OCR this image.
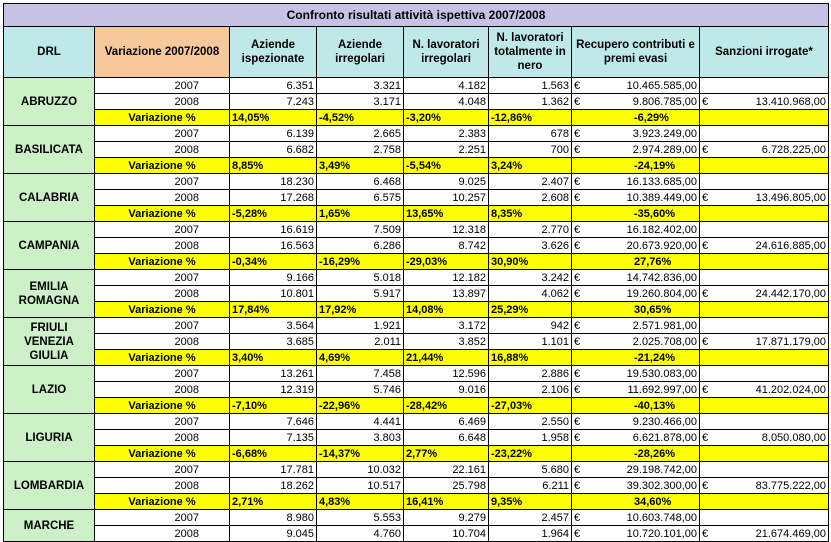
Confronto risultati attività ispettiva 2007/2008							
DRL	Variazione 2007/2008	Aziende ispezionate	Aziende irregolari	N. lavoratori irregolari	N. lavoratori totalmente in nero	Recupero contributi e premi evasi	Sanzioni irrogate*
ABRUZZO	2007	6.351	3.321	4.182	1.563	€ 10.465.585,00	

	2008	7.243	3.171	4.048	1.362	€ 9.806.785,00	€ 13.410.968,00

	Variazione %	14,05%	-4,52%	-3,20%	-12,86%	-6,29%	
BASILICATA	2007	6.139	2.665	2.383	678	€ 3.923.249,00	

	2008	6.682	2.758	2.251	700	€ 2.974.289,00	€ 6.728.225,00

	Variazione %	8,85%	3,49%	-5,54%	3,24%	-24,19%	
CALABRIA	2007	18.230	6.468	9.025	2.407	€ 16.133.685,00	

	2008	17.268	6.575	10.257	2.608	€ 10.389.449,00	€ 13.496.805,00

	Variazione %	-5,28%	1,65%	13,65%	8,35%	-35,60%	
CAMPANIA	2007	16.619	7.509	12.318	2.770	€ 16.182.402,00	

	2008	16.563	6.286	8.742	3.626	€ 20.673.920,00	€ 24.616.885,00

	Variazione %	-0,34%	-16,29%	-29,03%	30,90%	27,76%	
EMILIA ROMAGNA	2007	9.166	5.018	12.182	3.242	€ 14.742.836,00	

	2008	10.801	5.917	13.897	4.062	€ 19.260.804,00	€ 24.442.170,00

	Variazione %	17,84%	17,92%	14,08%	25,29%	30,65%	
FRIULI VENEZIA GIULIA	2007	3.564	1.921	3.172	942	€ 2.571.981,00	

	2008	3.685	2.011	3.852	1.101	€ 2.025.708,00	€ 17.871.179,00

	Variazione %	3,40%	4,69%	21,44%	16,88%	-21,24%	
LAZIO	2007	13.261	7.458	12.596	2.886	€ 19.530.083,00	

	2008	12.319	5.746	9.016	2.106	€ 11.692.997,00	€ 41.202.024,00

	Variazione %	-7,10%	-22,96%	-28,42%	-27,03%	-40,13%	
LIGURIA	2007	7.646	4.441	6.469	2.550	€ 9.230.466,00	

	2008	7.135	3.803	6.648	1.958	€ 6.621.878,00	€ 8.050.080,00

	Variazione %	-6,68%	-14,37%	2,77%	-23,22%	-28,26%	
LOMBARDIA	2007	17.781	10.032	22.161	5.680	€ 29.198.742,00	

	2008	18.262	10.517	25.798	6.211	€ 39.302.300,00	€ 83.775.222,00

	Variazione %	2,71%	4,83%	16,41%	9,35%	34,60%	
MARCHE	2007	8.980	5.553	9.279	2.457	€ 10.603.748,00	

	2008	9.045	4.760	10.704	1.964	€ 10.720.101,00	€ 21.674.469,00
